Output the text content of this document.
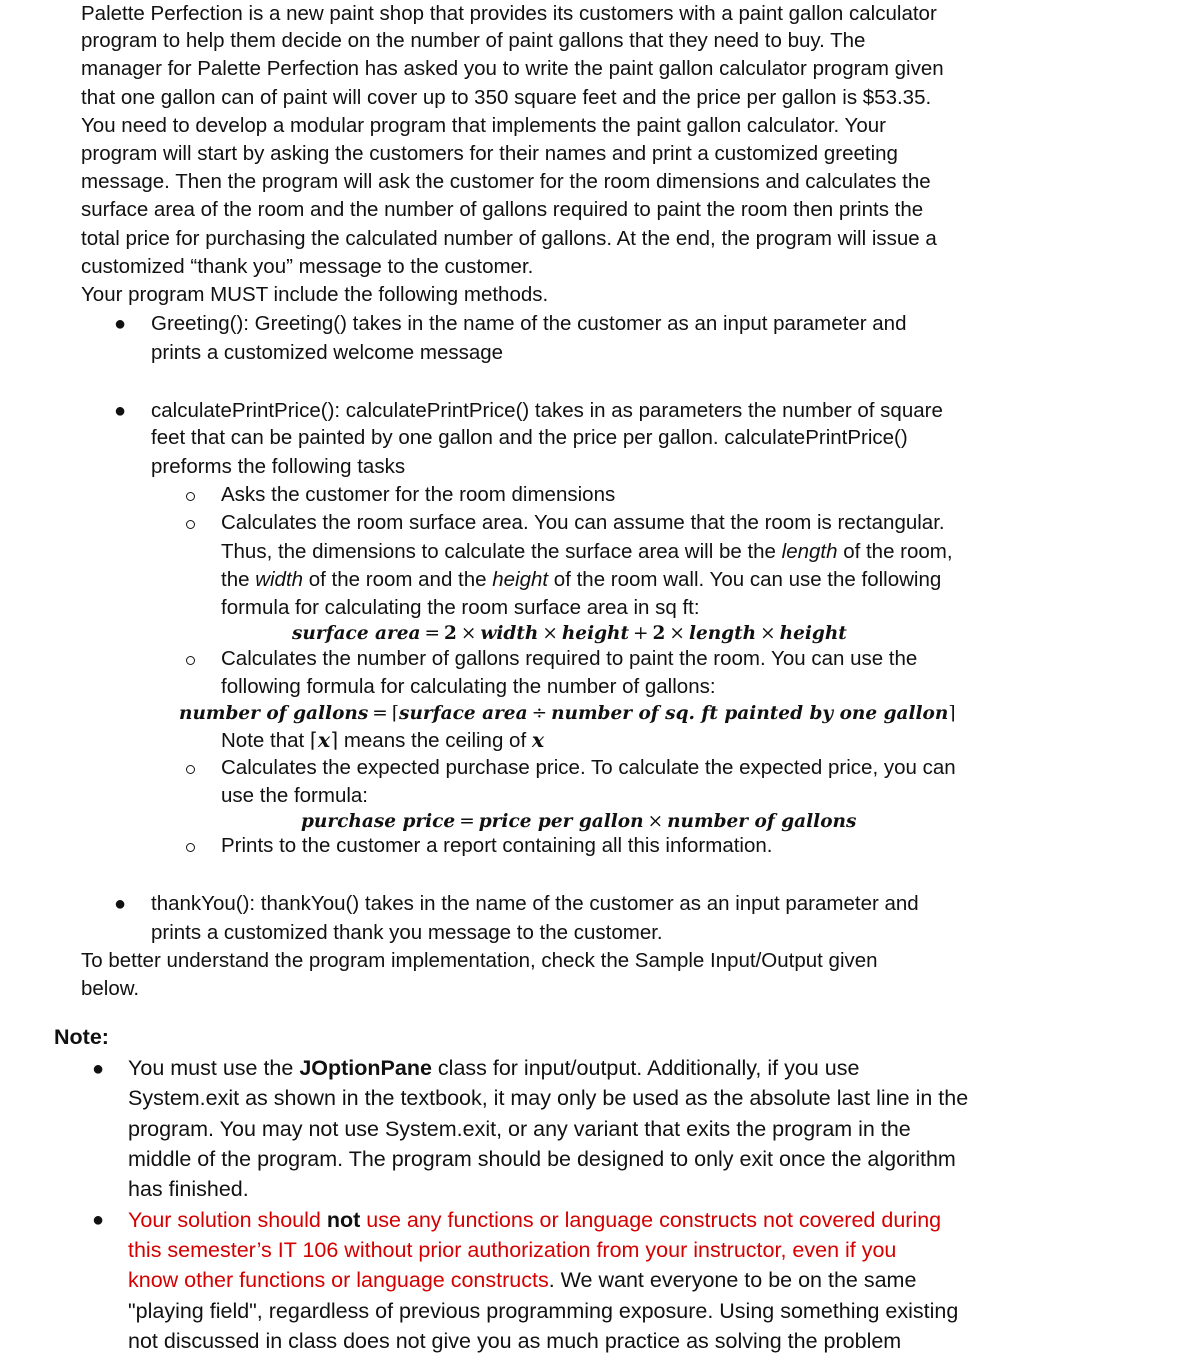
Palette Perfection is a new paint shop that provides its customers with a paint gallon calculator
program to help them decide on the number of paint gallons that they need to buy. The
manager for Palette Perfection has asked you to write the paint gallon calculator program given
that one gallon can of paint will cover up to 350 square feet and the price per gallon is $53.35.
You need to develop a modular program that implements the paint gallon calculator. Your
program will start by asking the customers for their names and print a customized greeting
message. Then the program will ask the customer for the room dimensions and calculates the
surface area of the room and the number of gallons required to paint the room then prints the
total price for purchasing the calculated number of gallons. At the end, the program will issue a
customized “thank you” message to the customer.
Your program MUST include the following methods.
● Greeting(): Greeting() takes in the name of the customer as an input parameter and
prints a customized welcome message
● calculatePrintPrice(): calculatePrintPrice() takes in as parameters the number of square
feet that can be painted by one gallon and the price per gallon. calculatePrintPrice()
preforms the following tasks
Asks the customer for the room dimensions
Calculates the room surface area. You can assume that the room is rectangular.
Thus, the dimensions to calculate the surface area will be the length of the room,
the width of the room and the height of the room wall. You can use the following
formula for calculating the room surface area in sq ft:
surface area = 2 × width × height + 2 × length × height
Calculates the number of gallons required to paint the room. You can use the
following formula for calculating the number of gallons:
number of gallons = ⌈surface area ÷ number of sq. ft painted by one gallon⌉
Note that ⌈x⌉ means the ceiling of x
Calculates the expected purchase price. To calculate the expected price, you can
use the formula:
purchase price = price per gallon × number of gallons
Prints to the customer a report containing all this information.
● thankYou(): thankYou() takes in the name of the customer as an input parameter and
prints a customized thank you message to the customer.
To better understand the program implementation, check the Sample Input/Output given
below.
Note:
● You must use the JOptionPane class for input/output. Additionally, if you use
System.exit as shown in the textbook, it may only be used as the absolute last line in the
program. You may not use System.exit, or any variant that exits the program in the
middle of the program. The program should be designed to only exit once the algorithm
has finished.
● Your solution should not use any functions or language constructs not covered during
this semester’s IT 106 without prior authorization from your instructor, even if you
know other functions or language constructs. We want everyone to be on the same
"playing field", regardless of previous programming exposure. Using something existing
not discussed in class does not give you as much practice as solving the problem
